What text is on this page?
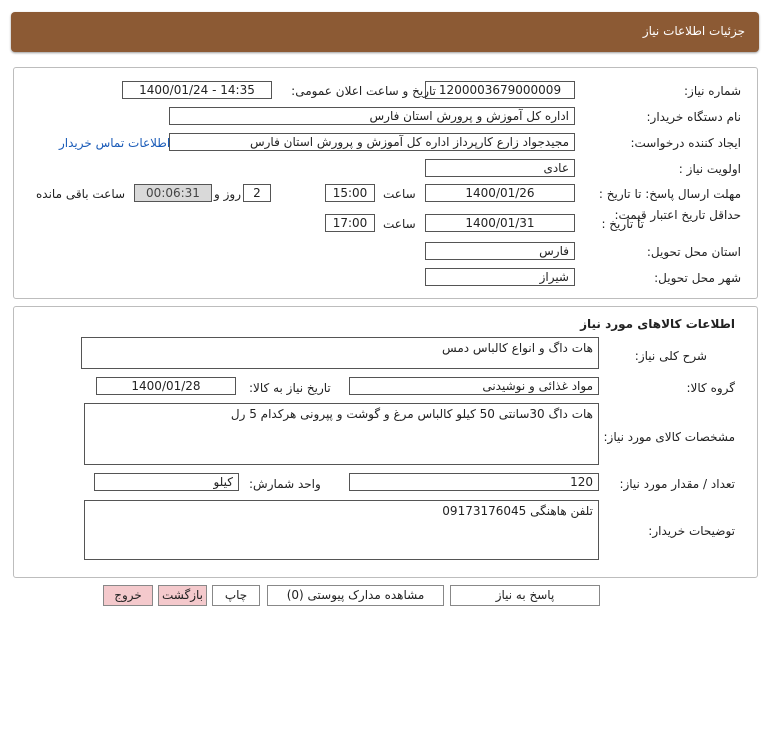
جزئیات اطلاعات نیاز
شماره نیاز:
1200003679000009
تاریخ و ساعت اعلان عمومی:
1400/01/24 - 14:35
نام دستگاه خریدار:
اداره کل آموزش و پرورش استان فارس
ایجاد کننده درخواست:
مجیدجواد زارع کارپرداز اداره کل آموزش و پرورش استان فارس
اطلاعات تماس خریدار
اولویت نیاز :
عادی
مهلت ارسال پاسخ: تا تاریخ :
1400/01/26
ساعت
15:00
2
روز و
00:06:31
ساعت باقی مانده
حداقل تاریخ اعتبار قیمت:
تا تاریخ :
1400/01/31
ساعت
17:00
استان محل تحویل:
فارس
شهر محل تحویل:
شیراز
اطلاعات کالاهای مورد نیاز
شرح کلی نیاز:
هات داگ و انواع کالباس دمس
گروه کالا:
مواد غذائی و نوشیدنی
تاریخ نیاز به کالا:
1400/01/28
مشخصات کالای مورد نیاز:
هات داگ 30سانتی 50 کیلو کالباس مرغ و گوشت و پپرونی هرکدام 5 رل
تعداد / مقدار مورد نیاز:
120
واحد شمارش:
کیلو
توضیحات خریدار:
تلفن هاهنگی 09173176045
پاسخ به نیاز
مشاهده مدارک پیوستی (0)
چاپ
بازگشت
خروج
